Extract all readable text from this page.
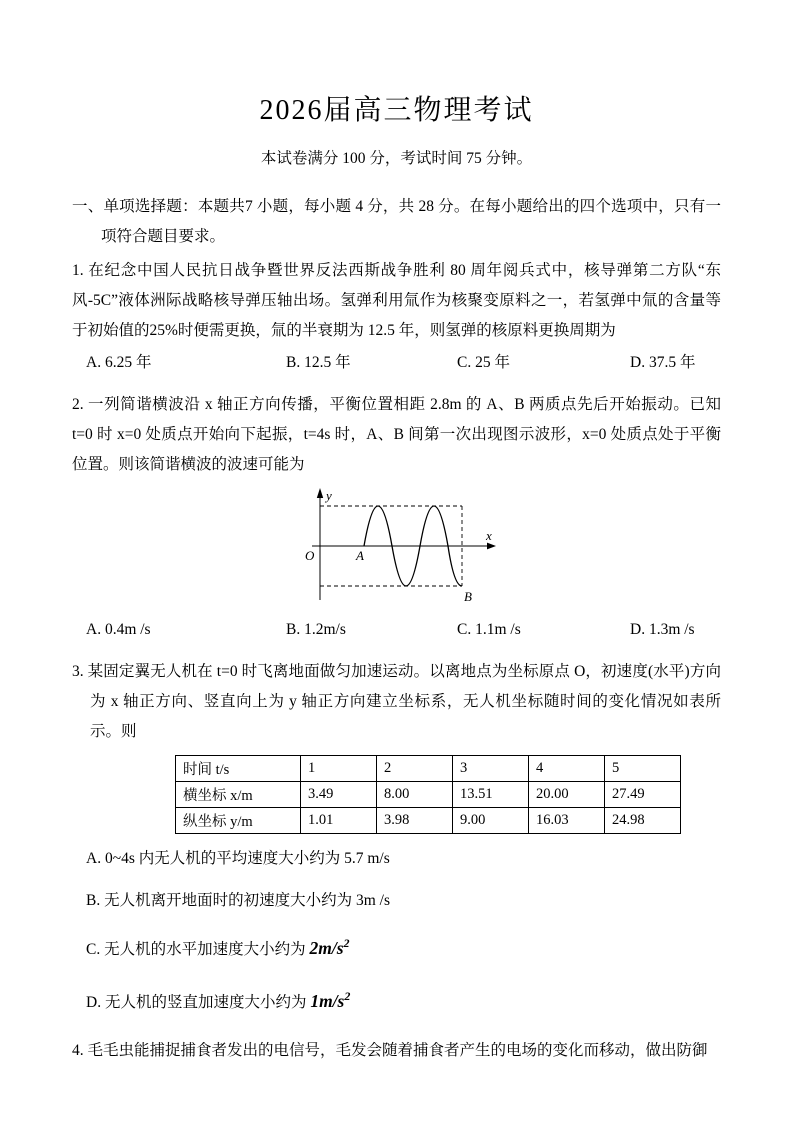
2026届高三物理考试
本试卷满分 100 分，考试时间 75 分钟。

一、单项选择题：本题共7 小题，每小题 4 分，共 28 分。在每小题给出的四个选项中，只有一项符合题目要求。

1. 在纪念中国人民抗日战争暨世界反法西斯战争胜利 80 周年阅兵式中，核导弹第二方队“东风-5C”液体洲际战略核导弹压轴出场。氢弹利用氚作为核聚变原料之一，若氢弹中氚的含量等于初始值的25%时便需更换，氚的半衰期为 12.5 年，则氢弹的核原料更换周期为

A. 6.25 年	B. 12.5 年	C. 25 年	D. 37.5 年

2. 一列简谐横波沿 x 轴正方向传播，平衡位置相距 2.8m 的 A、B 两质点先后开始振动。已知 t=0 时 x=0 处质点开始向下起振，t=4s 时，A、B 间第一次出现图示波形，x=0 处质点处于平衡位置。则该简谐横波的波速可能为

y
x
O	A
B
A. 0.4m /s	B. 1.2m/s	C. 1.1m /s	D. 1.3m /s

3. 某固定翼无人机在 t=0 时飞离地面做匀加速运动。以离地点为坐标原点 O，初速度(水平)方向为 x 轴正方向、竖直向上为 y 轴正方向建立坐标系，无人机坐标随时间的变化情况如表所示。则

时间 t/s	1	2	3	4	5
横坐标 x/m	3.49	8.00	13.51	20.00	27.49
纵坐标 y/m	1.01	3.98	9.00	16.03	24.98
A. 0~4s 内无人机的平均速度大小约为 5.7 m/s
B. 无人机离开地面时的初速度大小约为 3m /s
C. 无人机的水平加速度大小约为 $2m/s^2$
D. 无人机的竖直加速度大小约为 $1m/s^2$

4. 毛毛虫能捕捉捕食者发出的电信号，毛发会随着捕食者产生的电场的变化而移动，做出防御
